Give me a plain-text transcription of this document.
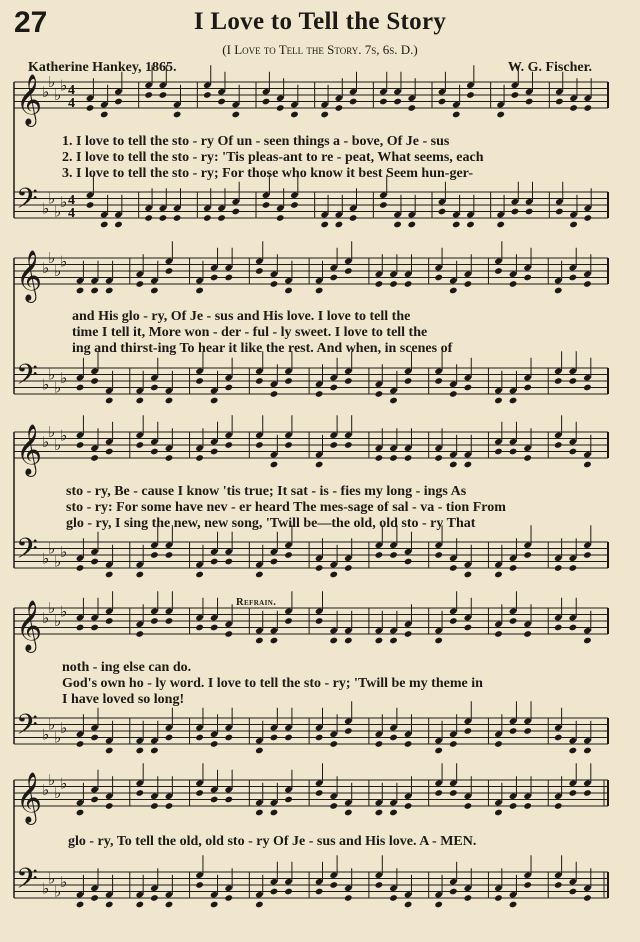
27	I Love to Tell the Story
(I Love to Tell the Story. 7s, 6s. D.)
Katherine Hankey, 1865.	W. G. Fischer.
Refrain.
𝄞
𝄢
♭
♭
♭
♭
♭
♭
♭
♭
4
4
4
4
𝄞
𝄢
♭
♭
♭
♭
♭
♭
♭
♭
𝄞
𝄢
♭
♭
♭
♭
♭
♭
♭
♭
𝄞
𝄢
♭
♭
♭
♭
♭
♭
♭
♭
𝄞
𝄢
♭
♭
♭
♭
♭
♭
♭
♭
1. I love to tell the sto - ry Of un - seen things a - bove, Of Je - sus
2. I love to tell the sto - ry: 'Tis pleas-ant to re - peat, What seems, each
3. I love to tell the sto - ry; For those who know it best Seem hun-ger-
and His glo - ry, Of Je - sus and His love. I love to tell the
time I tell it, More won - der - ful - ly sweet. I love to tell the
ing and thirst-ing To hear it like the rest. And when, in scenes of
sto - ry, Be - cause I know 'tis true; It sat - is - fies my long - ings As
sto - ry: For some have nev - er heard The mes-sage of sal - va - tion From
glo - ry, I sing the new, new song, 'Twill be—the old, old sto - ry That
noth - ing else can do.
God's own ho - ly word. I love to tell the sto - ry; 'Twill be my theme in
I have loved so long!
glo - ry, To tell the old, old sto - ry Of Je - sus and His love. A - MEN.
